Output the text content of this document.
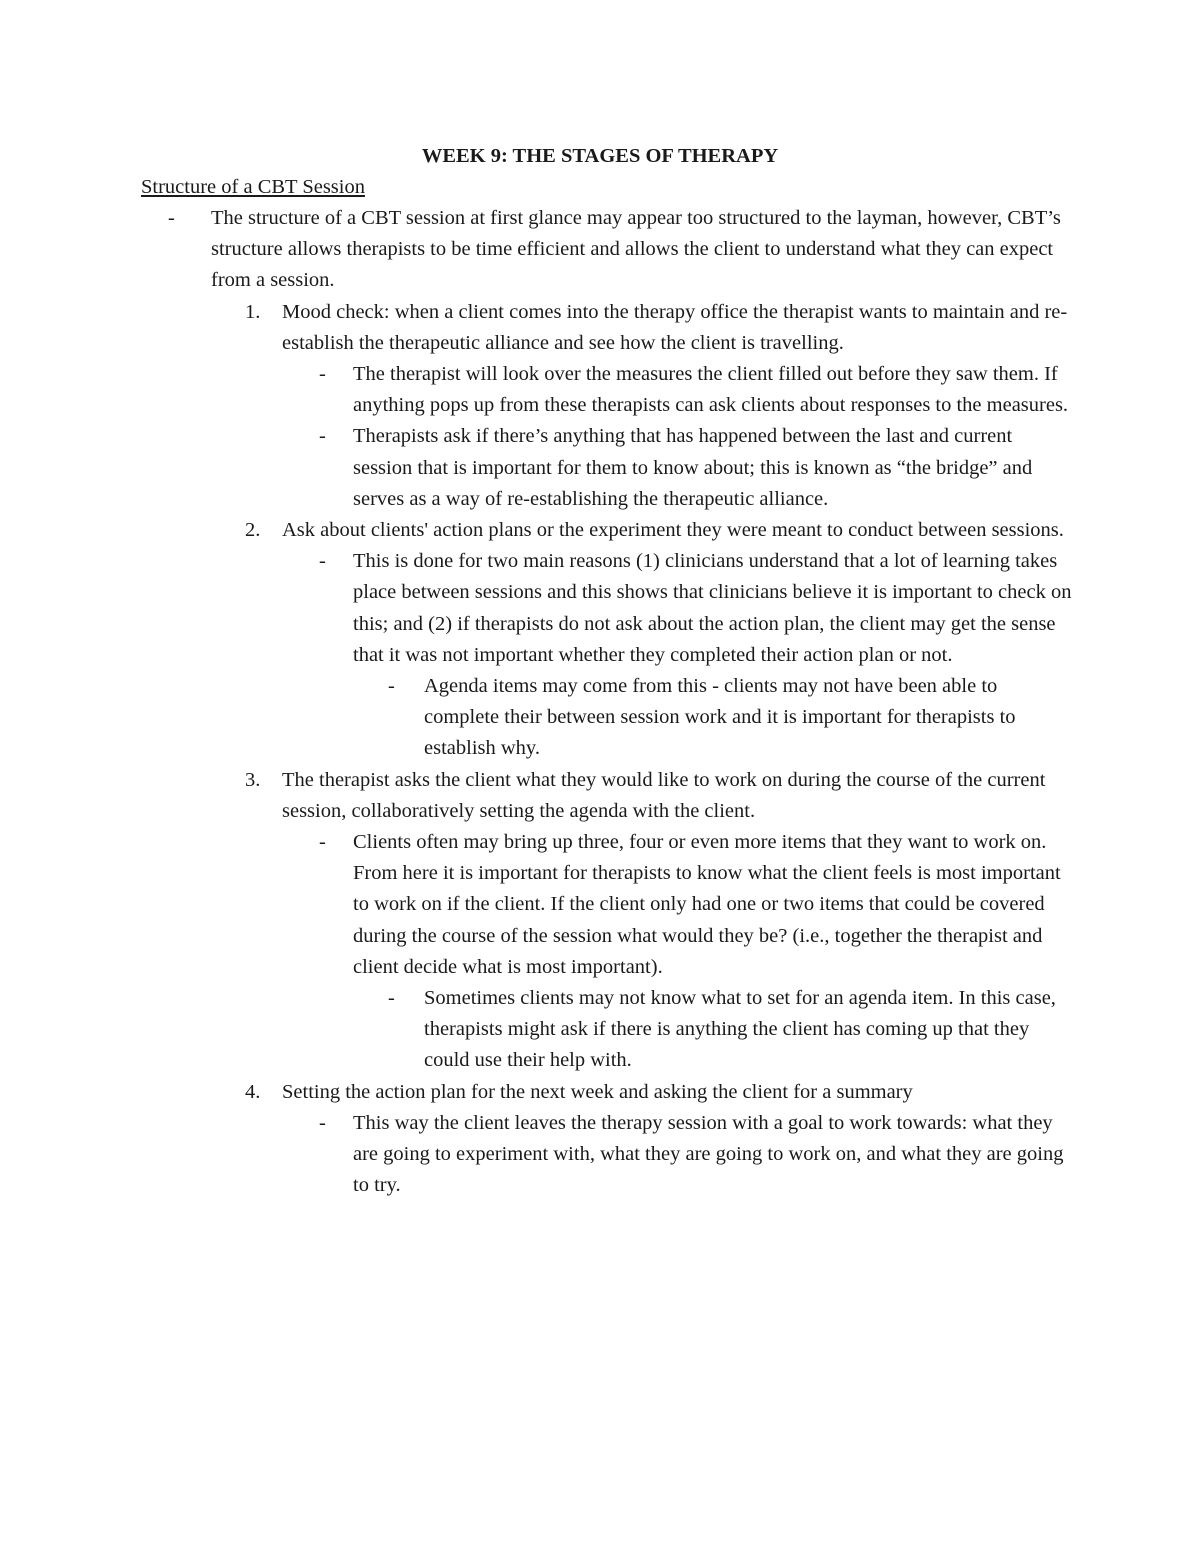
WEEK 9: THE STAGES OF THERAPY
Structure of a CBT Session

- The structure of a CBT session at first glance may appear too structured to the layman, however, CBT’s structure allows therapists to be time efficient and allows the client to understand what they can expect from a session.

1. Mood check: when a client comes into the therapy office the therapist wants to maintain and re-establish the therapeutic alliance and see how the client is travelling.

- The therapist will look over the measures the client filled out before they saw them. If anything pops up from these therapists can ask clients about responses to the measures.

- Therapists ask if there’s anything that has happened between the last and current session that is important for them to know about; this is known as “the bridge” and serves as a way of re-establishing the therapeutic alliance.

2. Ask about clients' action plans or the experiment they were meant to conduct between sessions.

- This is done for two main reasons (1) clinicians understand that a lot of learning takes place between sessions and this shows that clinicians believe it is important to check on this; and (2) if therapists do not ask about the action plan, the client may get the sense that it was not important whether they completed their action plan or not.

- Agenda items may come from this - clients may not have been able to complete their between session work and it is important for therapists to establish why.

3. The therapist asks the client what they would like to work on during the course of the current session, collaboratively setting the agenda with the client.

- Clients often may bring up three, four or even more items that they want to work on. From here it is important for therapists to know what the client feels is most important to work on if the client. If the client only had one or two items that could be covered during the course of the session what would they be? (i.e., together the therapist and client decide what is most important).

- Sometimes clients may not know what to set for an agenda item. In this case, therapists might ask if there is anything the client has coming up that they could use their help with.

4. Setting the action plan for the next week and asking the client for a summary

- This way the client leaves the therapy session with a goal to work towards: what they are going to experiment with, what they are going to work on, and what they are going to try.
